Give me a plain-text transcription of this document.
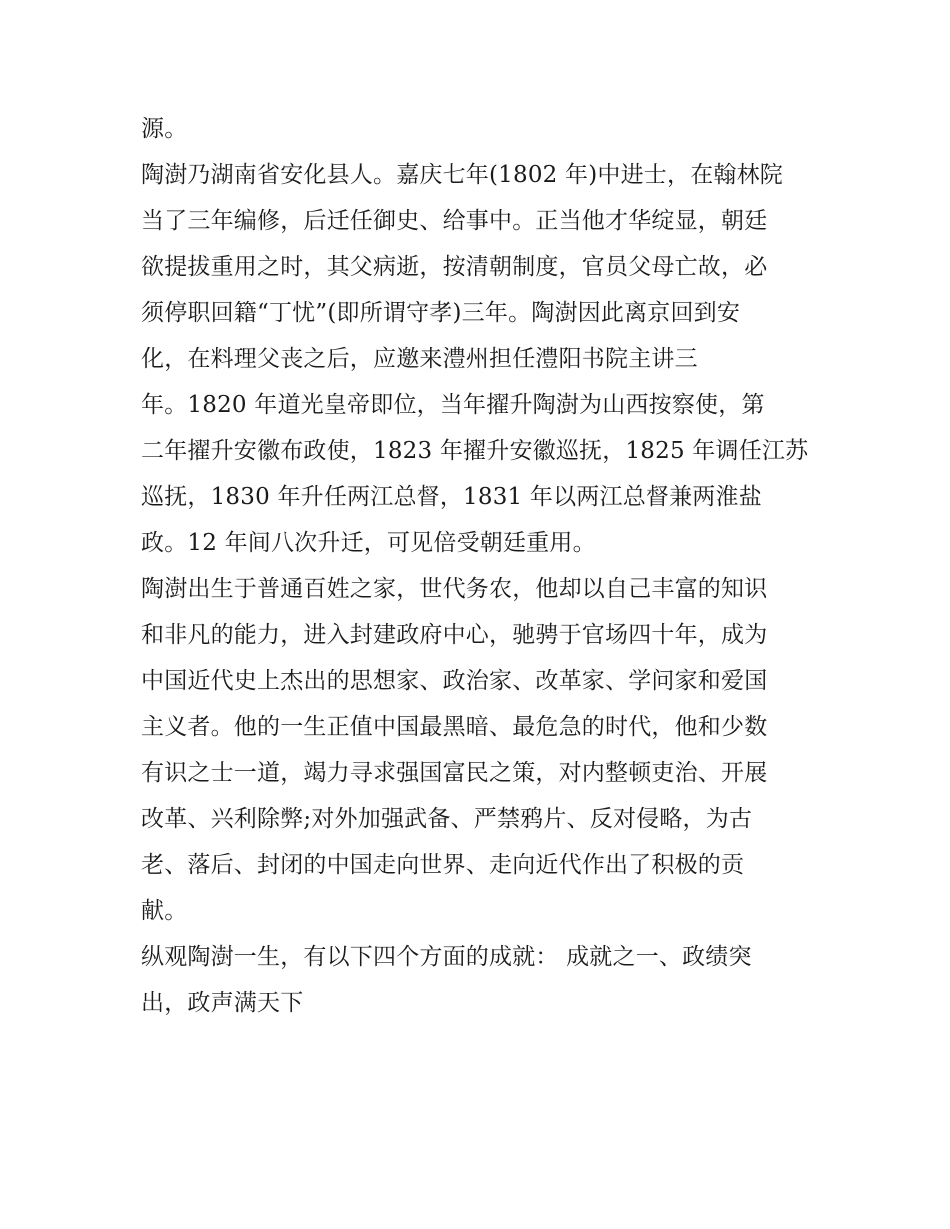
源。
陶澍乃湖南省安化县人。嘉庆七年(1802 年)中进士，在翰林院
当了三年编修，后迁任御史、给事中。正当他才华绽显，朝廷
欲提拔重用之时，其父病逝，按清朝制度，官员父母亡故，必
须停职回籍“丁忧”(即所谓守孝)三年。陶澍因此离京回到安
化，在料理父丧之后，应邀来澧州担任澧阳书院主讲三
年。1820 年道光皇帝即位，当年擢升陶澍为山西按察使，第
二年擢升安徽布政使，1823 年擢升安徽巡抚，1825 年调任江苏
巡抚，1830 年升任两江总督，1831 年以两江总督兼两淮盐
政。12 年间八次升迁，可见倍受朝廷重用。
陶澍出生于普通百姓之家，世代务农，他却以自己丰富的知识
和非凡的能力，进入封建政府中心，驰骋于官场四十年，成为
中国近代史上杰出的思想家、政治家、改革家、学问家和爱国
主义者。他的一生正值中国最黑暗、最危急的时代，他和少数
有识之士一道，竭力寻求强国富民之策，对内整顿吏治、开展
改革、兴利除弊;对外加强武备、严禁鸦片、反对侵略，为古
老、落后、封闭的中国走向世界、走向近代作出了积极的贡
献。
纵观陶澍一生，有以下四个方面的成就： 成就之一、政绩突
出，政声满天下
